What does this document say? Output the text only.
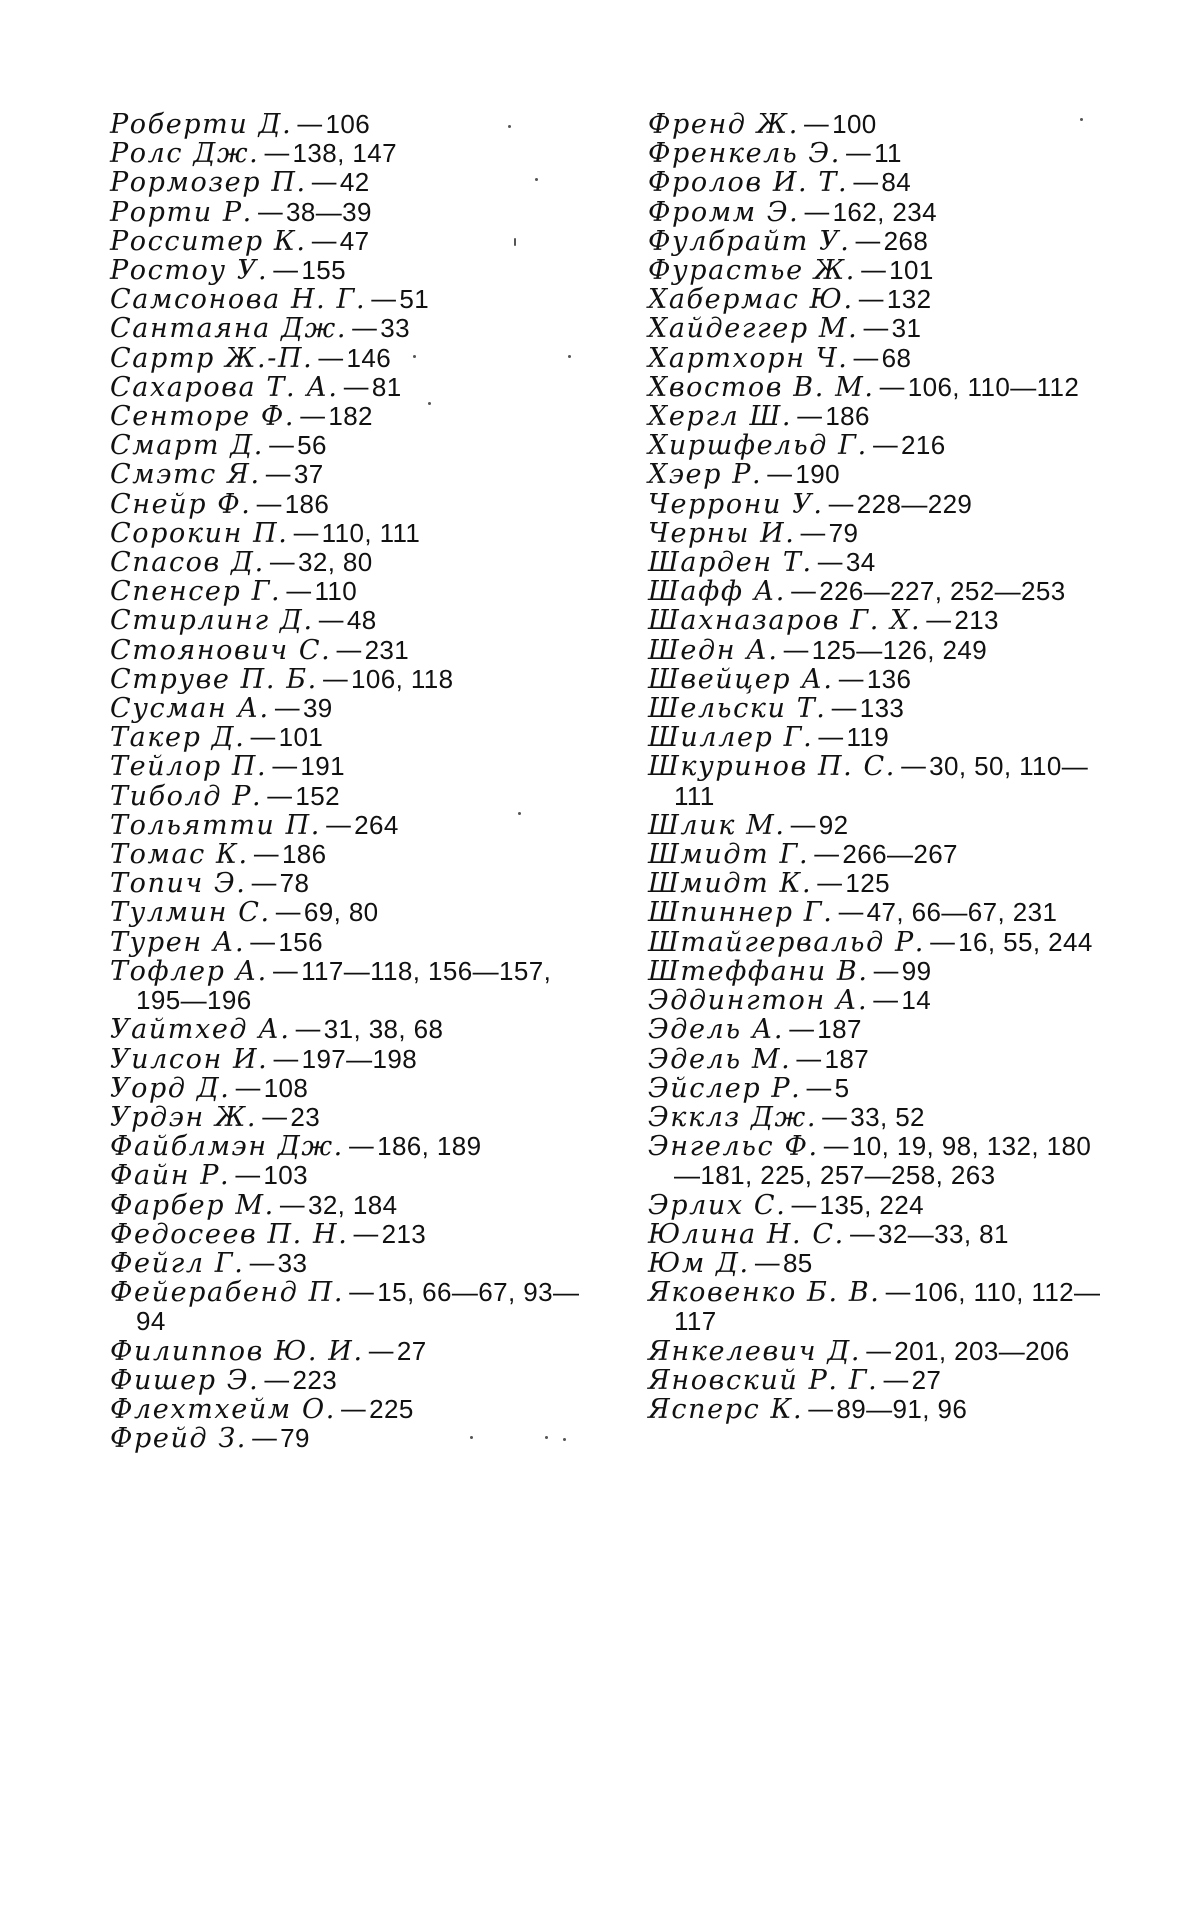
Роберти Д. —106
Ролс Дж. —138, 147
Рормозер П. —42
Рорти Р. —38—39
Росситер К. —47
Ростоу У. —155
Самсонова Н. Г. —51
Сантаяна Дж. —33
Сартр Ж.-П. —146
Сахарова Т. А. —81
Сенторе Ф. —182
Смарт Д. —56
Смэтс Я. —37
Снейр Ф. —186
Сорокин П. —110, 111
Спасов Д. —32, 80
Спенсер Г. —110
Стирлинг Д. —48
Стоянович С. —231
Струве П. Б. —106, 118
Сусман А. —39
Такер Д. —101
Тейлор П. —191
Тиболд Р. —152
Тольятти П. —264
Томас К. —186
Топич Э. —78
Тулмин С. —69, 80
Турен А. —156
Тофлер А. —117—118, 156—157, 195—196
Уайтхед А. —31, 38, 68
Уилсон И. —197—198
Уорд Д. —108
Урдэн Ж. —23
Файблмэн Дж. —186, 189
Файн Р. —103
Фарбер М. —32, 184
Федосеев П. Н. —213
Фейгл Г. —33
Фейерабенд П. —15, 66—67, 93—94
Филиппов Ю. И. —27
Фишер Э. —223
Флехтхейм О. —225
Фрейд З. —79
Френд Ж. —100
Френкель Э. —11
Фролов И. Т. —84
Фромм Э. —162, 234
Фулбрайт У. —268
Фурастье Ж. —101
Хабермас Ю. —132
Хайдеггер М. —31
Хартхорн Ч. —68
Хвостов В. М. —106, 110—112
Хергл Ш. —186
Хиршфельд Г. —216
Хэер Р. —190
Черрони У. —228—229
Черны И. —79
Шарден Т. —34
Шафф А. —226—227, 252—253
Шахназаров Г. Х. —213
Шедн А. —125—126, 249
Швейцер А. —136
Шельски Т. —133
Шиллер Г. —119
Шкуринов П. С. —30, 50, 110—111
Шлик М. —92
Шмидт Г. —266—267
Шмидт К. —125
Шпиннер Г. —47, 66—67, 231
Штайгервальд Р. —16, 55, 244
Штеффани В. —99
Эддингтон А. —14
Эдель А. —187
Эдель М. —187
Эйслер Р. —5
Экклз Дж. —33, 52
Энгельс Ф. —10, 19, 98, 132, 180—181, 225, 257—258, 263
Эрлих С. —135, 224
Юлина Н. С. —32—33, 81
Юм Д. —85
Яковенко Б. В. —106, 110, 112—117
Янкелевич Д. —201, 203—206
Яновский Р. Г. —27
Ясперс К. —89—91, 96
